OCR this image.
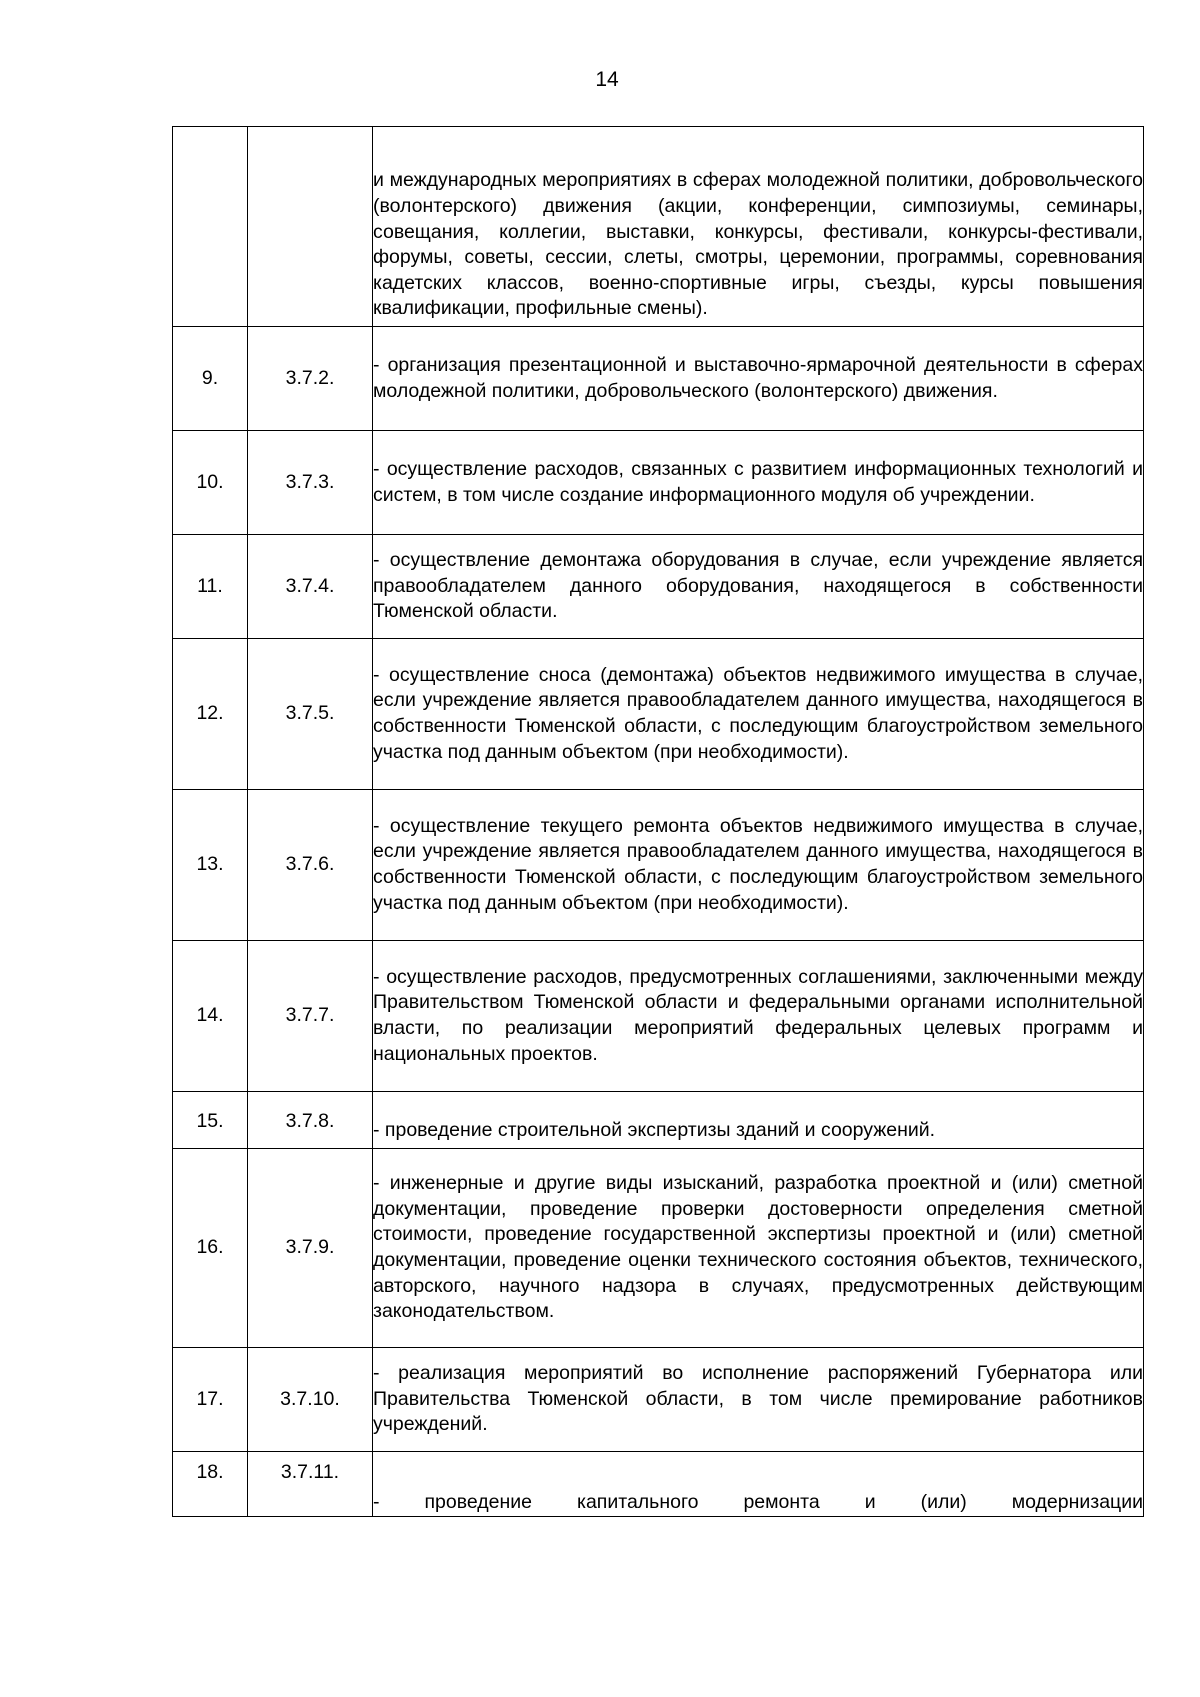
14

		и международных мероприятиях в сферах молодежной политики, добровольческого (волонтерского) движения (акции, конференции, симпозиумы, семинары, совещания, коллегии, выставки, конкурсы, фестивали, конкурсы-фестивали, форумы, советы, сессии, слеты, смотры, церемонии, программы, соревнования кадетских классов, военно-спортивные игры, съезды, курсы повышения квалификации, профильные смены).

9.	3.7.2.	- организация презентационной и выставочно-ярмарочной деятельности в сферах молодежной политики, добровольческого (волонтерского) движения.

10.	3.7.3.	- осуществление расходов, связанных с развитием информационных технологий и систем, в том числе создание информационного модуля об учреждении.

11.	3.7.4.	- осуществление демонтажа оборудования в случае, если учреждение является правообладателем данного оборудования, находящегося в собственности Тюменской области.

12.	3.7.5.	- осуществление сноса (демонтажа) объектов недвижимого имущества в случае, если учреждение является правообладателем данного имущества, находящегося в собственности Тюменской области, с последующим благоустройством земельного участка под данным объектом (при необходимости).

13.	3.7.6.	- осуществление текущего ремонта объектов недвижимого имущества в случае, если учреждение является правообладателем данного имущества, находящегося в собственности Тюменской области, с последующим благоустройством земельного участка под данным объектом (при необходимости).

14.	3.7.7.	- осуществление расходов, предусмотренных соглашениями, заключенными между Правительством Тюменской области и федеральными органами исполнительной власти, по реализации мероприятий федеральных целевых программ и национальных проектов.

15.	3.7.8.	- проведение строительной экспертизы зданий и сооружений.

16.	3.7.9.	- инженерные и другие виды изысканий, разработка проектной и (или) сметной документации, проведение проверки достоверности определения сметной стоимости, проведение государственной экспертизы проектной и (или) сметной документации, проведение оценки технического состояния объектов, технического, авторского, научного надзора в случаях, предусмотренных действующим законодательством.

17.	3.7.10.	- реализация мероприятий во исполнение распоряжений Губернатора или Правительства Тюменской области, в том числе премирование работников учреждений.

18.	3.7.11.	- проведение капитального ремонта и (или) модернизации
